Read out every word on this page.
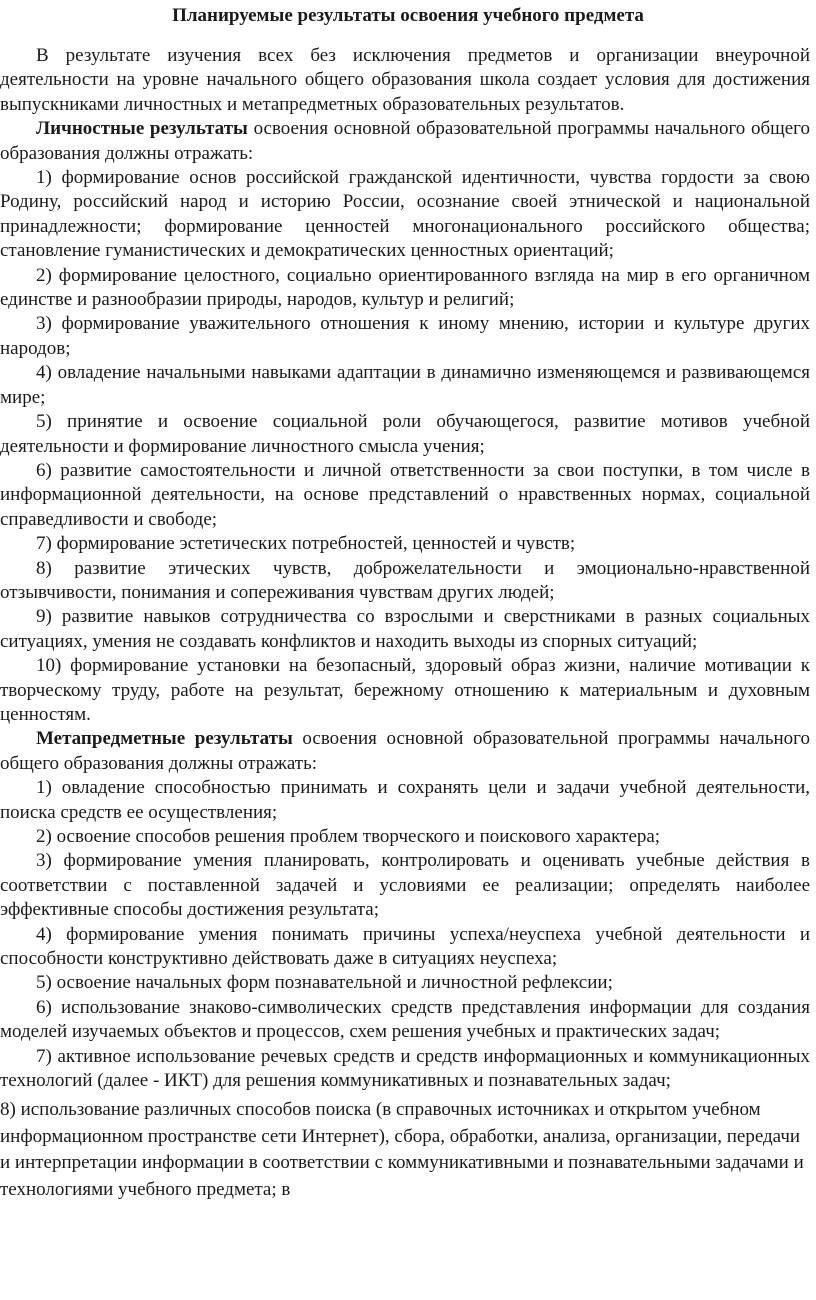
Планируемые результаты освоения учебного предмета

В результате изучения всех без исключения предметов и организации внеурочной деятельности на уровне начального общего образования школа создает условия для достижения выпускниками личностных и метапредметных образовательных результатов.

Личностные результаты освоения основной образовательной программы начального общего образования должны отражать:

1) формирование основ российской гражданской идентичности, чувства гордости за свою Родину, российский народ и историю России, осознание своей этнической и национальной принадлежности; формирование ценностей многонационального российского общества; становление гуманистических и демократических ценностных ориентаций;

2) формирование целостного, социально ориентированного взгляда на мир в его органичном единстве и разнообразии природы, народов, культур и религий;

3) формирование уважительного отношения к иному мнению, истории и культуре других народов;

4) овладение начальными навыками адаптации в динамично изменяющемся и развивающемся мире;

5) принятие и освоение социальной роли обучающегося, развитие мотивов учебной деятельности и формирование личностного смысла учения;

6) развитие самостоятельности и личной ответственности за свои поступки, в том числе в информационной деятельности, на основе представлений о нравственных нормах, социальной справедливости и свободе;

7) формирование эстетических потребностей, ценностей и чувств;

8) развитие этических чувств, доброжелательности и эмоционально-нравственной отзывчивости, понимания и сопереживания чувствам других людей;

9) развитие навыков сотрудничества со взрослыми и сверстниками в разных социальных ситуациях, умения не создавать конфликтов и находить выходы из спорных ситуаций;

10) формирование установки на безопасный, здоровый образ жизни, наличие мотивации к творческому труду, работе на результат, бережному отношению к материальным и духовным ценностям.

Метапредметные результаты освоения основной образовательной программы начального общего образования должны отражать:

1) овладение способностью принимать и сохранять цели и задачи учебной деятельности, поиска средств ее осуществления;

2) освоение способов решения проблем творческого и поискового характера;

3) формирование умения планировать, контролировать и оценивать учебные действия в соответствии с поставленной задачей и условиями ее реализации; определять наиболее эффективные способы достижения результата;

4) формирование умения понимать причины успеха/неуспеха учебной деятельности и способности конструктивно действовать даже в ситуациях неуспеха;

5) освоение начальных форм познавательной и личностной рефлексии;

6) использование знаково-символических средств представления информации для создания моделей изучаемых объектов и процессов, схем решения учебных и практических задач;

7) активное использование речевых средств и средств информационных и коммуникационных технологий (далее - ИКТ) для решения коммуникативных и познавательных задач;

8) использование различных способов поиска (в справочных источниках и открытом учебном информационном пространстве сети Интернет), сбора, обработки, анализа, организации, передачи и интерпретации информации в соответствии с коммуникативными и познавательными задачами и технологиями учебного предмета; в
